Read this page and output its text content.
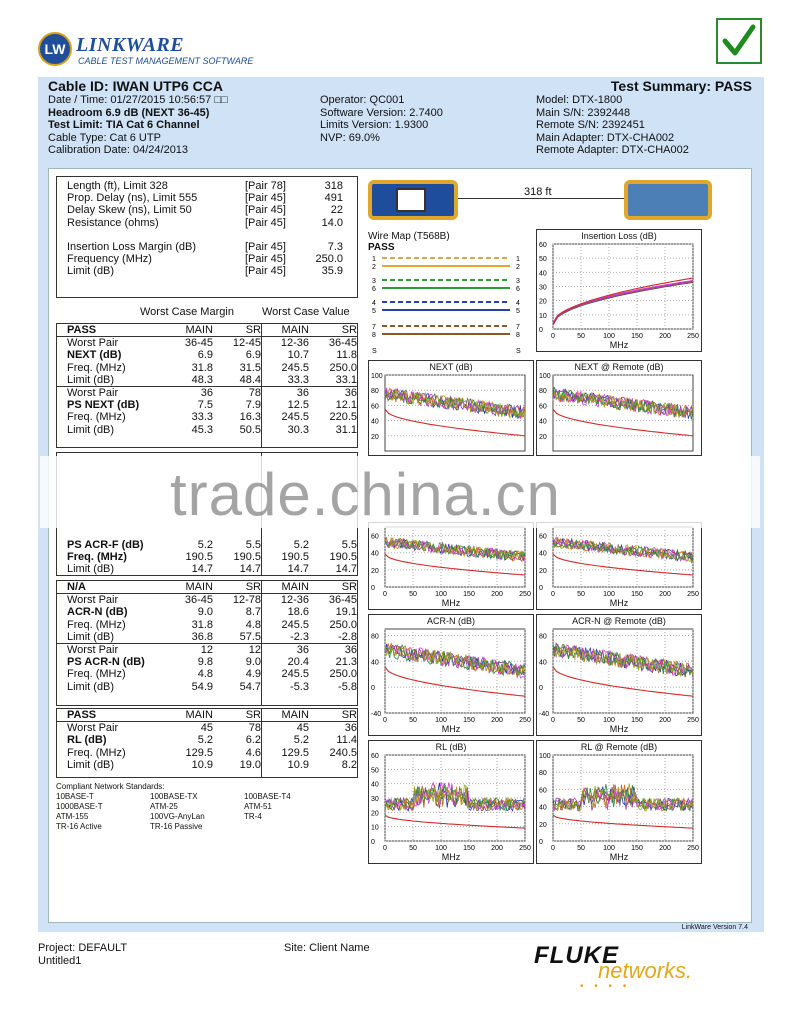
LW LINKWARE
CABLE TEST MANAGEMENT SOFTWARE
Cable ID: IWAN UTP6 CCA	Test Summary: PASS
Date / Time: 01/27/2015 10:56:57 □□
Headroom 6.9 dB (NEXT 36-45)
Test Limit: TIA Cat 6 Channel
Cable Type: Cat 6 UTP
Calibration Date: 04/24/2013
Operator: QC001
Software Version: 2.7400
Limits Version: 1.9300
NVP: 69.0%
Model: DTX-1800
Main S/N: 2392448
Remote S/N: 2392451
Main Adapter: DTX-CHA002
Remote Adapter: DTX-CHA002
Length (ft), Limit 328	[Pair 78]	318
Prop. Delay (ns), Limit 555	[Pair 45]	491
Delay Skew (ns), Limit 50	[Pair 45]	22
Resistance (ohms)	[Pair 45]	14.0
Insertion Loss Margin (dB)	[Pair 45]	7.3
Frequency (MHz)	[Pair 45]	250.0
Limit (dB)	[Pair 45]	35.9
Worst Case Margin	Worst Case Value
PASS	MAIN	SR	MAIN	SR
Worst Pair	36-45	12-45	12-36	36-45
NEXT (dB)	6.9	6.9	10.7	11.8
Freq. (MHz)	31.8	31.5	245.5	250.0
Limit (dB)	48.3	48.4	33.3	33.1
Worst Pair	36	78	36	36
PS NEXT (dB)	7.5	7.9	12.5	12.1
Freq. (MHz)	33.3	16.3	245.5	220.5
Limit (dB)	45.3	50.5	30.3	31.1
PS ACR-F (dB)	5.2	5.5	5.2	5.5
Freq. (MHz)	190.5	190.5	190.5	190.5
Limit (dB)	14.7	14.7	14.7	14.7
N/A	MAIN	SR	MAIN	SR
Worst Pair	36-45	12-78	12-36	36-45
ACR-N (dB)	9.0	8.7	18.6	19.1
Freq. (MHz)	31.8	4.8	245.5	250.0
Limit (dB)	36.8	57.5	-2.3	-2.8
Worst Pair	12	12	36	36
PS ACR-N (dB)	9.8	9.0	20.4	21.3
Freq. (MHz)	4.8	4.9	245.5	250.0
Limit (dB)	54.9	54.7	-5.3	-5.8
PASS	MAIN	SR	MAIN	SR
Worst Pair	45	78	45	36
RL (dB)	5.2	6.2	5.2	11.4
Freq. (MHz)	129.5	4.6	129.5	240.5
Limit (dB)	10.9	19.0	10.9	8.2
Compliant Network Standards:
10BASE-T	100BASE-TX	100BASE-T4
1000BASE-T	ATM-25	ATM-51
ATM-155	100VG-AnyLan	TR-4
TR-16 Active	TR-16 Passive
318 ft
Wire Map (T568B)
PASS
1	1
2	2
3	3
6	6
4	4
5	5
7	7
8	8
S	S
0
10
20
30
40
50
60
0	50	100 150 200 250
Insertion Loss (dB)
MHz
20
40
60
80
100
NEXT (dB)
20
40
60
80
100
NEXT @ Remote (dB)
0
20
40
60
0	50	100 150 200 250
MHz
0
20
40
60
0	50	100 150 200 250
MHz
-40
0
40
80
0	50	100 150 200 250
ACR-N (dB)
MHz
-40
0
40
80
0	50	100 150 200 250
ACR-N @ Remote (dB)
MHz
0
10
20
30
40
50
60
0	50	100 150 200 250
RL (dB)
MHz
0
20
40
60
80
100
0	50	100 150 200 250
RL @ Remote (dB)
MHz
trade.china.cn
LinkWare Version 7.4
Project: DEFAULT
Untitled1
Site: Client Name	FLUKE
networks.
• • • •
